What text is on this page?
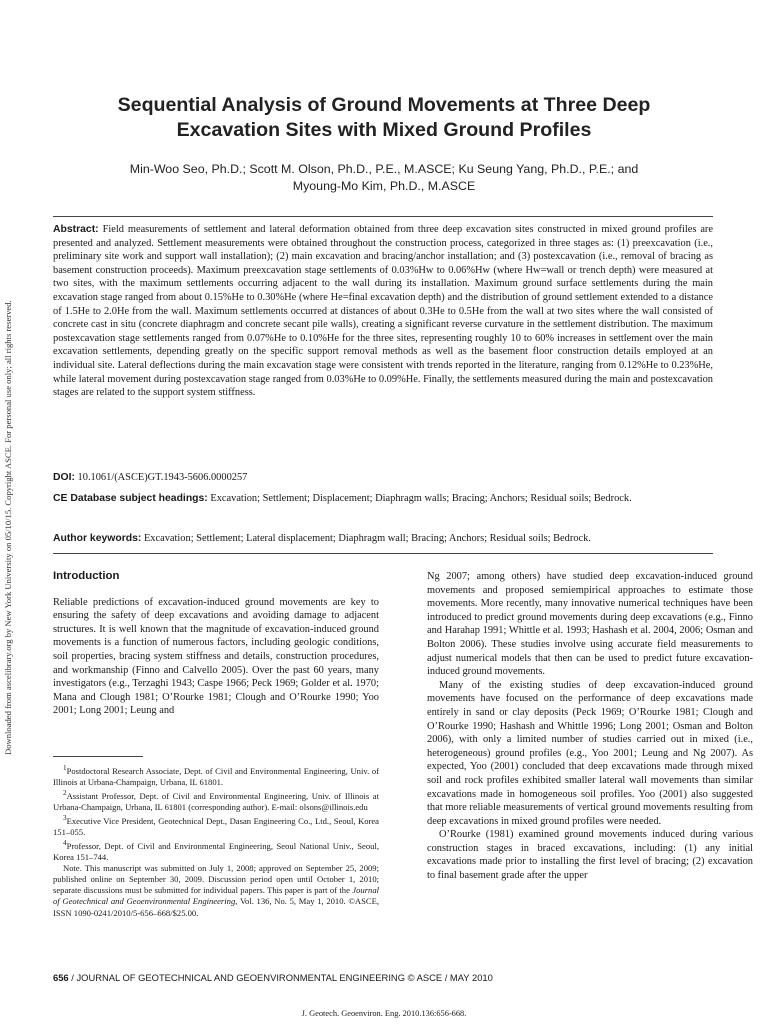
Downloaded from ascelibrary.org by New York University on 05/10/15. Copyright ASCE. For personal use only; all rights reserved.
Sequential Analysis of Ground Movements at Three Deep
Excavation Sites with Mixed Ground Profiles
Min-Woo Seo, Ph.D.; Scott M. Olson, Ph.D., P.E., M.ASCE; Ku Seung Yang, Ph.D., P.E.; and
Myoung-Mo Kim, Ph.D., M.ASCE
Abstract: Field measurements of settlement and lateral deformation obtained from three deep excavation sites constructed in mixed ground profiles are presented and analyzed. Settlement measurements were obtained throughout the construction process, categorized in three stages as: (1) preexcavation (i.e., preliminary site work and support wall installation); (2) main excavation and bracing/anchor installation; and (3) postexcavation (i.e., removal of bracing as basement construction proceeds). Maximum preexcavation stage settlements of 0.03%Hw to 0.06%Hw (where Hw=wall or trench depth) were measured at two sites, with the maximum settlements occurring adjacent to the wall during its installation. Maximum ground surface settlements during the main excavation stage ranged from about 0.15%He to 0.30%He (where He=final excavation depth) and the distribution of ground settlement extended to a distance of 1.5He to 2.0He from the wall. Maximum settlements occurred at distances of about 0.3He to 0.5He from the wall at two sites where the wall consisted of concrete cast in situ (concrete diaphragm and concrete secant pile walls), creating a significant reverse curvature in the settlement distribution. The maximum postexcavation stage settlements ranged from 0.07%He to 0.10%He for the three sites, representing roughly 10 to 60% increases in settlement over the main excavation settlements, depending greatly on the specific support removal methods as well as the basement floor construction details employed at an individual site. Lateral deflections during the main excavation stage were consistent with trends reported in the literature, ranging from 0.12%He to 0.23%He, while lateral movement during postexcavation stage ranged from 0.03%He to 0.09%He. Finally, the settlements measured during the main and postexcavation stages are related to the support system stiffness.
DOI: 10.1061/(ASCE)GT.1943-5606.0000257
CE Database subject headings: Excavation; Settlement; Displacement; Diaphragm walls; Bracing; Anchors; Residual soils; Bedrock.
Author keywords: Excavation; Settlement; Lateral displacement; Diaphragm wall; Bracing; Anchors; Residual soils; Bedrock.
Introduction

Reliable predictions of excavation-induced ground movements are key to ensuring the safety of deep excavations and avoiding damage to adjacent structures. It is well known that the magnitude of excavation-induced ground movements is a function of numerous factors, including geologic conditions, soil properties, bracing system stiffness and details, construction procedures, and workmanship (Finno and Calvello 2005). Over the past 60 years, many investigators (e.g., Terzaghi 1943; Caspe 1966; Peck 1969; Golder et al. 1970; Mana and Clough 1981; O’Rourke 1981; Clough and O’Rourke 1990; Yoo 2001; Long 2001; Leung and

$^1$Postdoctoral Research Associate, Dept. of Civil and Environmental Engineering, Univ. of Illinois at Urbana-Champaign, Urbana, IL 61801.

$^2$Assistant Professor, Dept. of Civil and Environmental Engineering, Univ. of Illinois at Urbana-Champaign, Urbana, IL 61801 (corresponding author). E-mail: olsons@illinois.edu

$^3$Executive Vice President, Geotechnical Dept., Dasan Engineering Co., Ltd., Seoul, Korea 151–055.

$^4$Professor, Dept. of Civil and Environmental Engineering, Seoul National Univ., Seoul, Korea 151–744.

Note. This manuscript was submitted on July 1, 2008; approved on September 25, 2009; published online on September 30, 2009. Discussion period open until October 1, 2010; separate discussions must be submitted for individual papers. This paper is part of the Journal of Geotechnical and Geoenvironmental Engineering, Vol. 136, No. 5, May 1, 2010. ©ASCE, ISSN 1090-0241/2010/5-656–668/$25.00.

Ng 2007; among others) have studied deep excavation-induced ground movements and proposed semiempirical approaches to estimate those movements. More recently, many innovative numerical techniques have been introduced to predict ground movements during deep excavations (e.g., Finno and Harahap 1991; Whittle et al. 1993; Hashash et al. 2004, 2006; Osman and Bolton 2006). These studies involve using accurate field measurements to adjust numerical models that then can be used to predict future excavation-induced ground movements.

Many of the existing studies of deep excavation-induced ground movements have focused on the performance of deep excavations made entirely in sand or clay deposits (Peck 1969; O’Rourke 1981; Clough and O’Rourke 1990; Hashash and Whittle 1996; Long 2001; Osman and Bolton 2006), with only a limited number of studies carried out in mixed (i.e., heterogeneous) ground profiles (e.g., Yoo 2001; Leung and Ng 2007). As expected, Yoo (2001) concluded that deep excavations made through mixed soil and rock profiles exhibited smaller lateral wall movements than similar excavations made in homogeneous soil profiles. Yoo (2001) also suggested that more reliable measurements of vertical ground movements resulting from deep excavations in mixed ground profiles were needed.

O’Rourke (1981) examined ground movements induced during various construction stages in braced excavations, including: (1) any initial excavations made prior to installing the first level of bracing; (2) excavation to final basement grade after the upper

656 / JOURNAL OF GEOTECHNICAL AND GEOENVIRONMENTAL ENGINEERING © ASCE / MAY 2010
J. Geotech. Geoenviron. Eng. 2010.136:656-668.
